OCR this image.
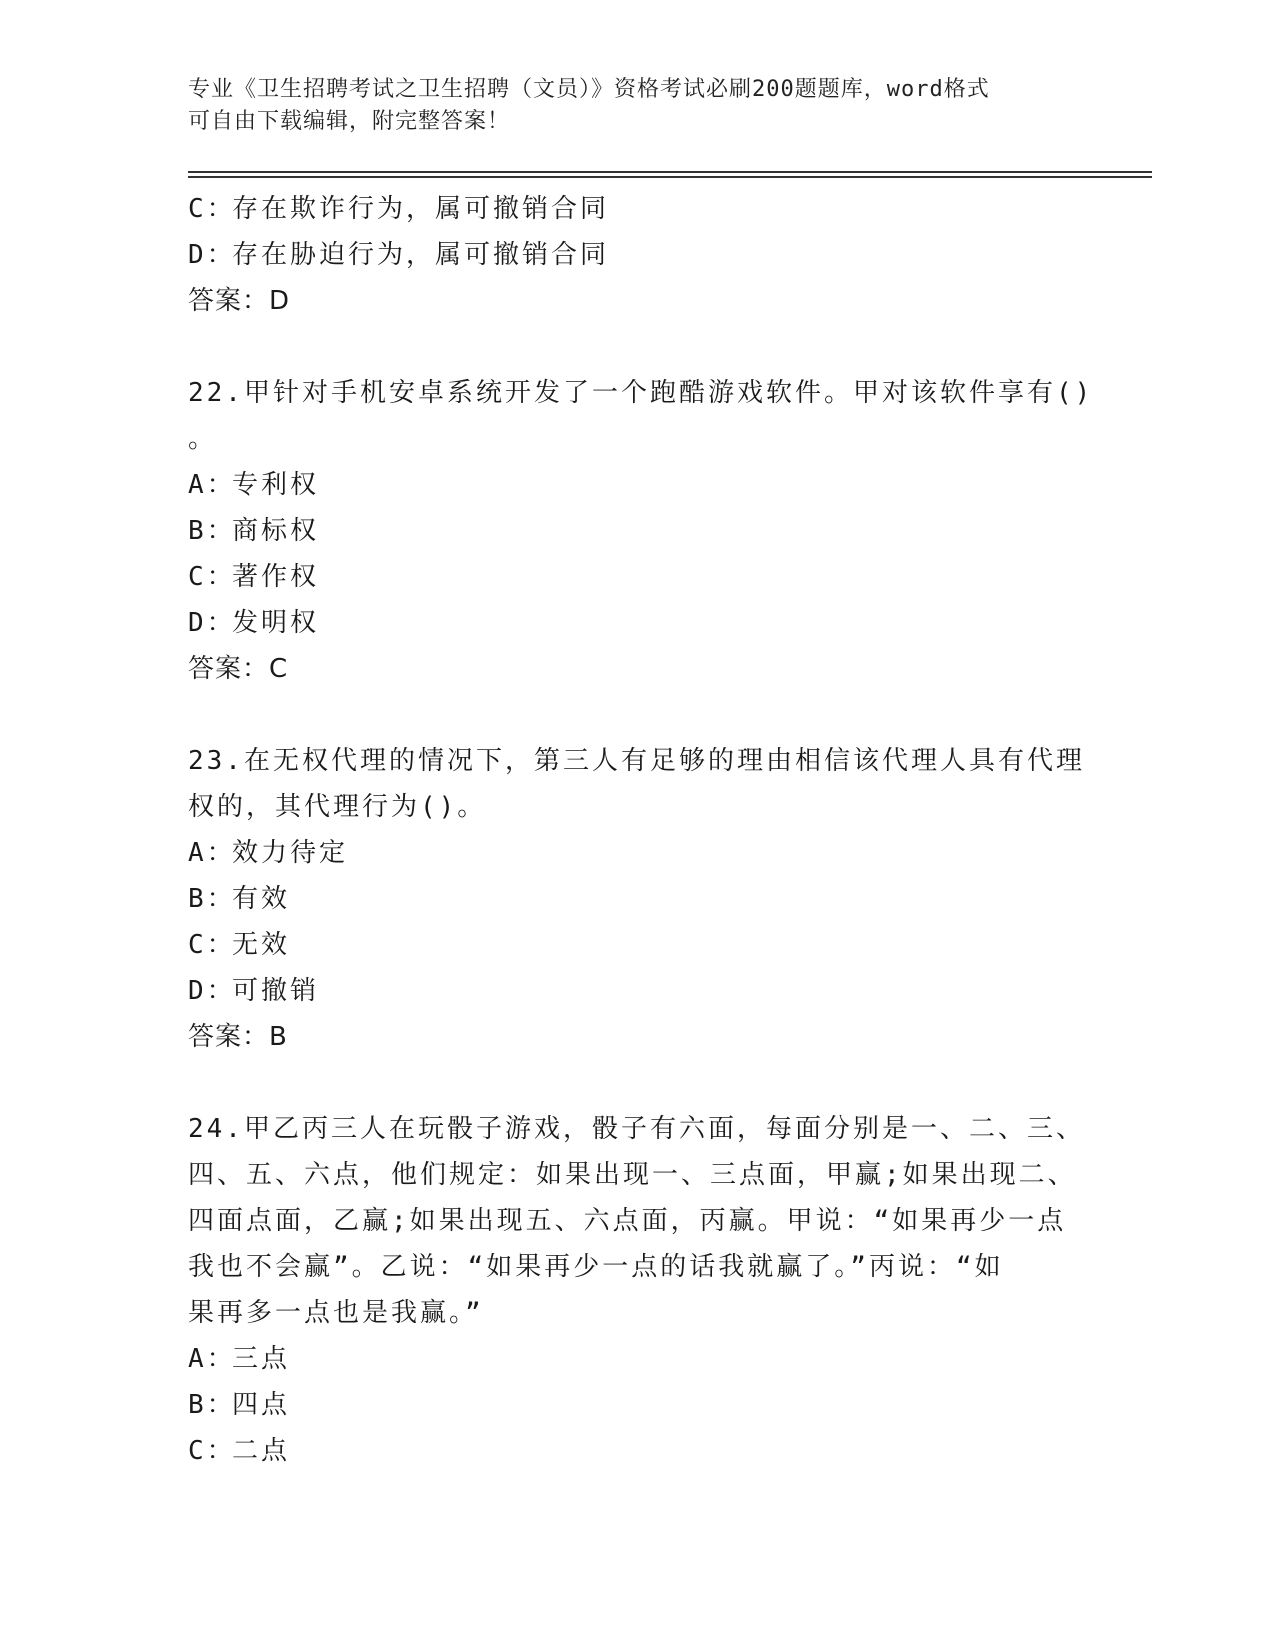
专业《卫生招聘考试之卫生招聘（文员）》资格考试必刷200题题库，word格式
可自由下载编辑，附完整答案！
C：存在欺诈行为，属可撤销合同
D：存在胁迫行为，属可撤销合同
答案：D
22.甲针对手机安卓系统开发了一个跑酷游戏软件。甲对该软件享有()
。
A：专利权
B：商标权
C：著作权
D：发明权
答案：C
23.在无权代理的情况下，第三人有足够的理由相信该代理人具有代理
权的，其代理行为()。
A：效力待定
B：有效
C：无效
D：可撤销
答案：B
24.甲乙丙三人在玩骰子游戏，骰子有六面，每面分别是一、二、三、
四、五、六点，他们规定：如果出现一、三点面，甲赢;如果出现二、
四面点面，乙赢;如果出现五、六点面，丙赢。甲说：“如果再少一点
我也不会赢”。乙说：“如果再少一点的话我就赢了。”丙说：“如
果再多一点也是我赢。”
A：三点
B：四点
C：二点
